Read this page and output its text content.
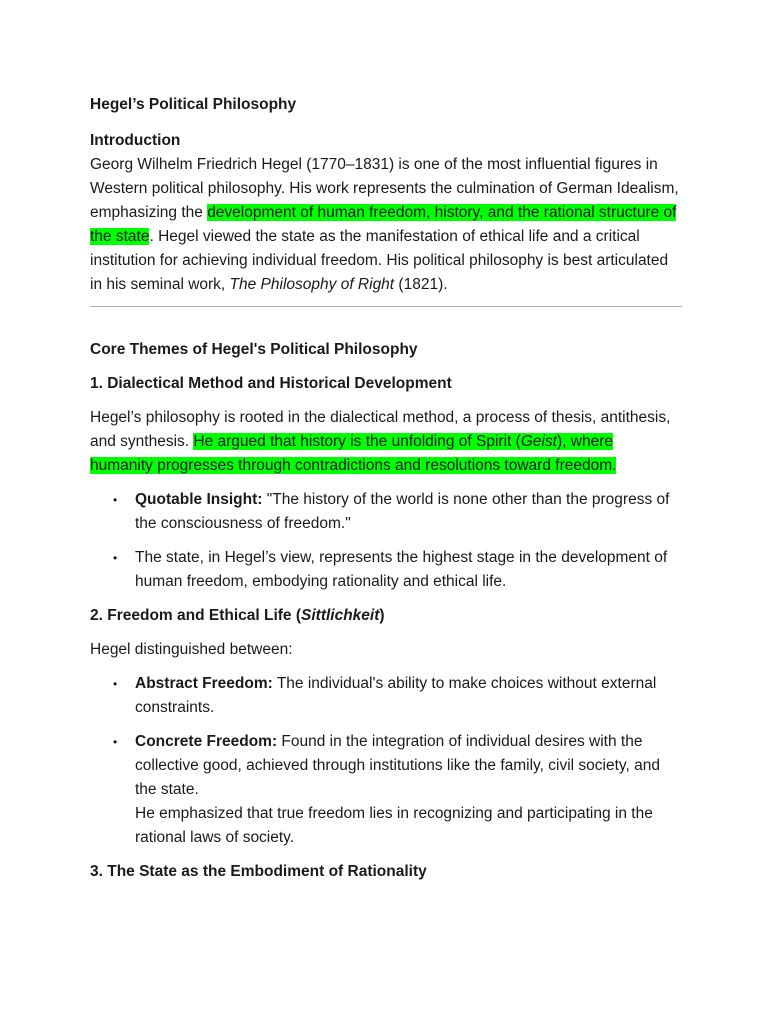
Hegel’s Political Philosophy
Introduction

Georg Wilhelm Friedrich Hegel (1770–1831) is one of the most influential figures in Western political philosophy. His work represents the culmination of German Idealism, emphasizing the development of human freedom, history, and the rational structure of the state. Hegel viewed the state as the manifestation of ethical life and a critical institution for achieving individual freedom. His political philosophy is best articulated in his seminal work, The Philosophy of Right (1821).

Core Themes of Hegel's Political Philosophy
1. Dialectical Method and Historical Development

Hegel’s philosophy is rooted in the dialectical method, a process of thesis, antithesis, and synthesis. He argued that history is the unfolding of Spirit (Geist), where humanity progresses through contradictions and resolutions toward freedom.

• Quotable Insight: "The history of the world is none other than the progress of the consciousness of freedom."
• The state, in Hegel’s view, represents the highest stage in the development of human freedom, embodying rationality and ethical life.
2. Freedom and Ethical Life (Sittlichkeit)

Hegel distinguished between:

• Abstract Freedom: The individual's ability to make choices without external constraints.
• Concrete Freedom: Found in the integration of individual desires with the collective good, achieved through institutions like the family, civil society, and the state.
He emphasized that true freedom lies in recognizing and participating in the rational laws of society.
3. The State as the Embodiment of Rationality
